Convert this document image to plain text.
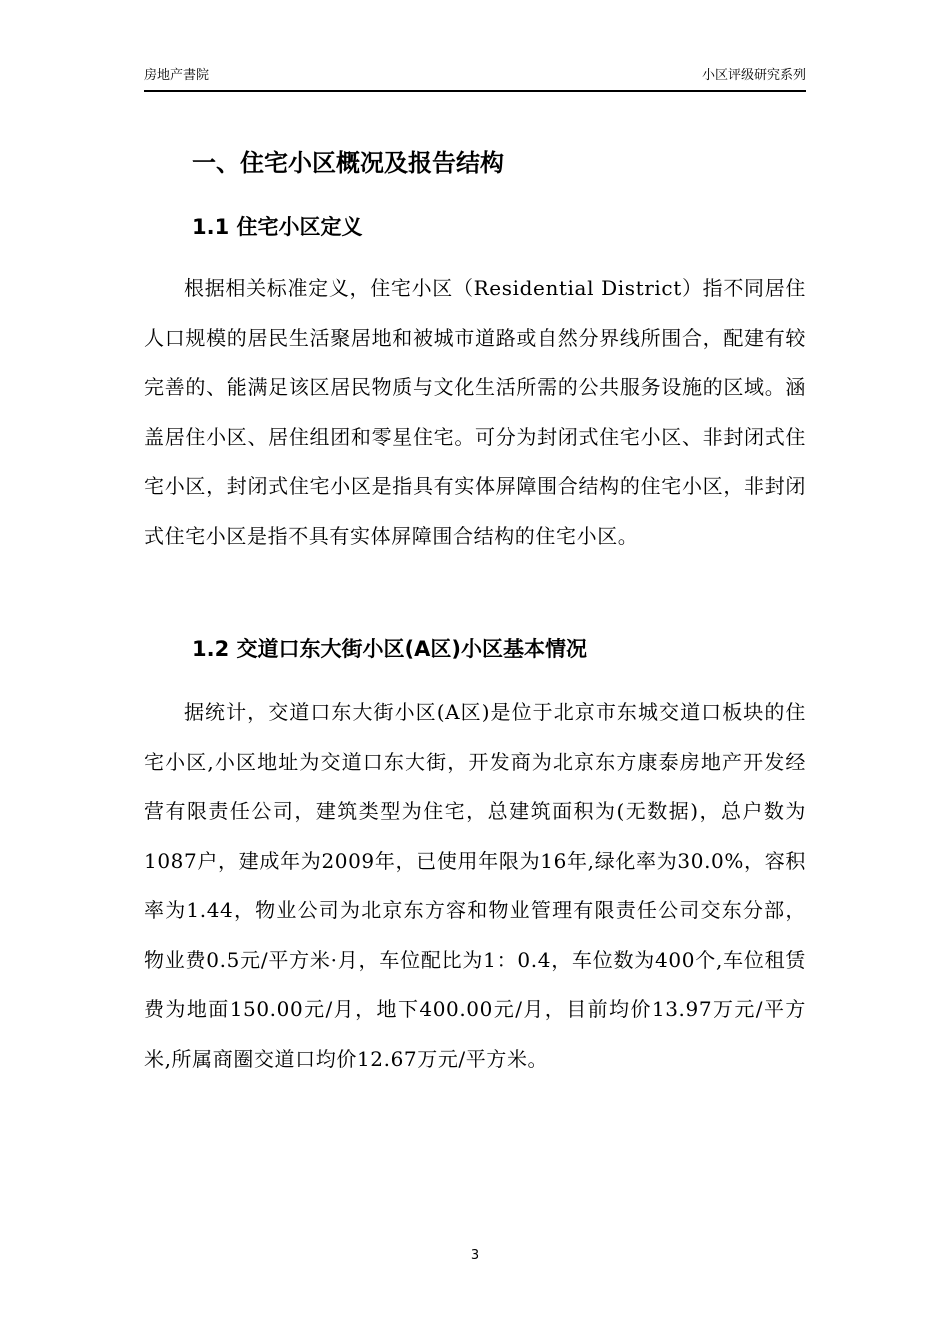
房地产書院	小区评级研究系列
一、住宅小区概况及报告结构
1.1 住宅小区定义

根据相关标准定义，住宅小区（Residential District）指不同居住人口规模的居民生活聚居地和被城市道路或自然分界线所围合，配建有较完善的、能满足该区居民物质与文化生活所需的公共服务设施的区域。涵盖居住小区、居住组团和零星住宅。可分为封闭式住宅小区、非封闭式住宅小区，封闭式住宅小区是指具有实体屏障围合结构的住宅小区，非封闭式住宅小区是指不具有实体屏障围合结构的住宅小区。

1.2 交道口东大街小区(A区)小区基本情况

据统计，交道口东大街小区(A区)是位于北京市东城交道口板块的住宅小区,小区地址为交道口东大街，开发商为北京东方康泰房地产开发经营有限责任公司，建筑类型为住宅，总建筑面积为(无数据)，总户数为1087户，建成年为2009年，已使用年限为16年,绿化率为30.0%，容积率为1.44，物业公司为北京东方容和物业管理有限责任公司交东分部，物业费0.5元/平方米·月，车位配比为1：0.4，车位数为400个,车位租赁费为地面150.00元/月，地下400.00元/月，目前均价13.97万元/平方米,所属商圈交道口均价12.67万元/平方米。

3
